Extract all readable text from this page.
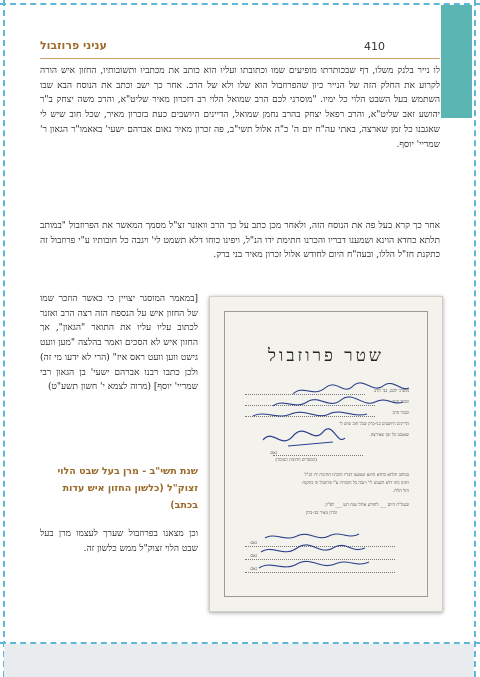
410
עניני פרוזבול
לו נייר בלנק משלו, דף שבכותרתו מופיעים שמו וכתובתו ועליו הוא כותב את מכתביו ותשובותיו, החזון איש הורה לקרוע את החלק הזה של הנייר כיון שהפרוזבול הוא שלו ולא של הרב. אחר כך ישב וכתב את הנוסח הבא שבו השתמש בעל השבט הלוי כל ימיו. "מוסרני לכם הרב שמואל הלוי רב דזכרון מאיר שליט"א, והרב משה יצחק ב"ר יהושע זאב שליט"א, והרב רפאל יצחק בהרב נחמן שמואל, הדיינים היושבים כעת בזכרון מאיר, שכל חוב שיש לי שאגבנו כל זמן שארצה, באתי עה"ח יום ה' כ"ה אלול תשי"ב, פה זכרון מאיר נאום אברהם ישעי' באאמו"ר הגאון ר' שמריי' יוסף.
אחר כך קרא בעל פה את הנוסח הזה, ולאחר מכן כתב על כך הרב וואזנר זצ"ל מסמך המאשר את הפרוזבול "במותב תלתא כחדא הוינא ושמענו דבריו והכרנו חתימת ידו הנ"ל, ויפינו כוחו דלא תשמט לי' ויגבה כל חובותיו ע"י פרוזבול זה כתקנת חז"ל הללו, ובעה"ח היום לחודש אלול זכרון מאיר בני ברק.
[במאמר המוסגר יצויין כי כאשר הוזכר שמו של החזון איש על הנספח הזה רצה הרב ואזנר לכתוב עליו עליו את התואר "הגאון", אך החזון איש לא הסכים ואמר בהלצה "מען וועט גישט ווען וועט ראס איז" (הרי לא ידעו מי זה) ולכן כתבו רבנו אברהם ישעי' בן הגאון רבי שמריי' יוסף] (מרוה לצמא י' חשון תשע"ט)
שנת תשי"ב - מרן בעל שבט הלוי זצוק"ל (כלשון החזון איש עדות בכתב)
וכן מצאנו בפרוזבול שערך לעצמו מרן בעל שבט הלוי זצוק"ל ממש כלשון זה.
שטר פרוזבול
מוסרני לכם, כב' הרב
וכבוד הרב
וכבוד הרב
הדיינים היושבים בני-ברק שכל חוב שיש לי
שאגבנו כל זמן שאירצה.
נאם
(המסרים חתימת המוסר)
במותב תלתא כחדא הוינא ושמענו דבריו והכרנו חתימת ידו הנ"ל
ויפינו כחו דלא תשמט לי' ויגבה כל חובותיו ע"י פרוזבול זה כתקנת
חזל הללו.
ובעה"ח היום ___ לחודש אלול שנת תש ___ לפ"ק
זכרון מאיר בני-ברק
נאם
נאם
נאם
